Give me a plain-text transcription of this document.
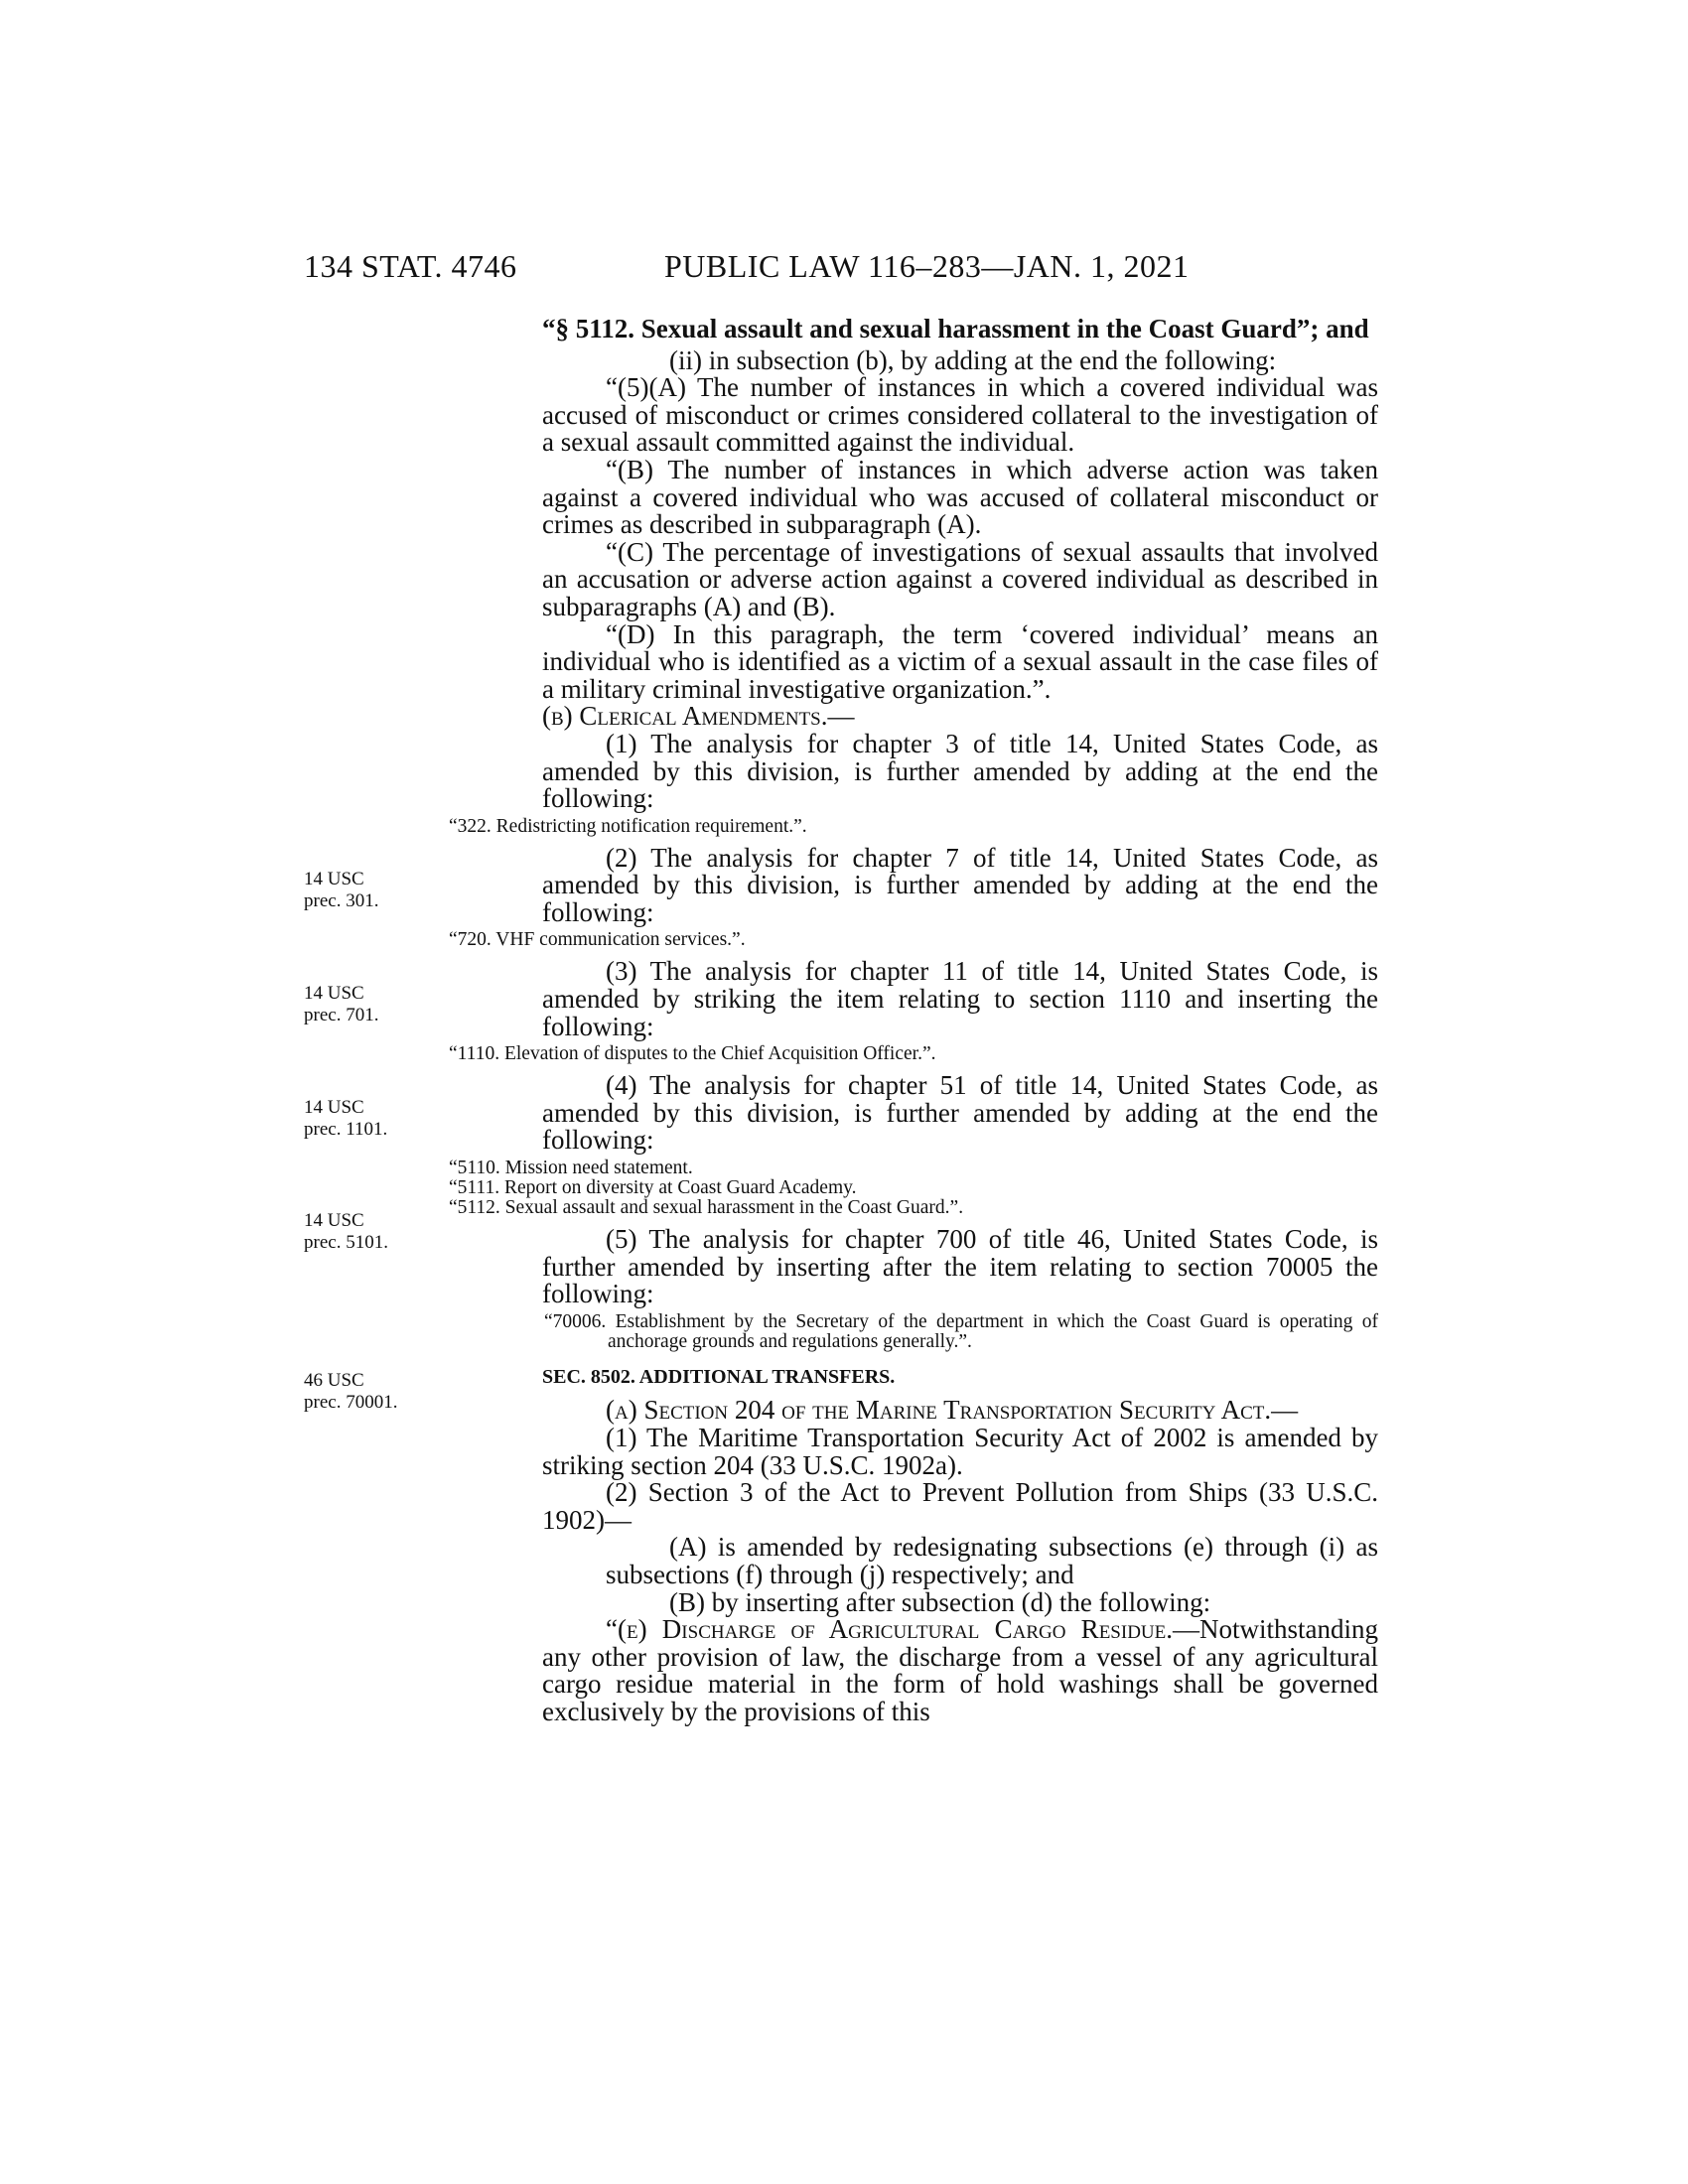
134 STAT. 4746	PUBLIC LAW 116–283—JAN. 1, 2021
14 USC
prec. 301.
14 USC
prec. 701.
14 USC
prec. 1101.
14 USC
prec. 5101.
46 USC
prec. 70001.

“§ 5112. Sexual assault and sexual harassment in the Coast Guard”; and

(ii) in subsection (b), by adding at the end the following:

“(5)(A) The number of instances in which a covered individual was accused of misconduct or crimes considered collateral to the investigation of a sexual assault committed against the individual.

“(B) The number of instances in which adverse action was taken against a covered individual who was accused of collateral misconduct or crimes as described in subparagraph (A).

“(C) The percentage of investigations of sexual assaults that involved an accusation or adverse action against a covered individual as described in subparagraphs (A) and (B).

“(D) In this paragraph, the term ‘covered individual’ means an individual who is identified as a victim of a sexual assault in the case files of a military criminal investigative organization.”.

(b) Clerical Amendments.—

(1) The analysis for chapter 3 of title 14, United States Code, as amended by this division, is further amended by adding at the end the following:

“322. Redistricting notification requirement.”.

(2) The analysis for chapter 7 of title 14, United States Code, as amended by this division, is further amended by adding at the end the following:

“720. VHF communication services.”.

(3) The analysis for chapter 11 of title 14, United States Code, is amended by striking the item relating to section 1110 and inserting the following:

“1110. Elevation of disputes to the Chief Acquisition Officer.”.

(4) The analysis for chapter 51 of title 14, United States Code, as amended by this division, is further amended by adding at the end the following:

“5110. Mission need statement.
“5111. Report on diversity at Coast Guard Academy.
“5112. Sexual assault and sexual harassment in the Coast Guard.”.

(5) The analysis for chapter 700 of title 46, United States Code, is further amended by inserting after the item relating to section 70005 the following:

“70006. Establishment by the Secretary of the department in which the Coast Guard is operating of anchorage grounds and regulations generally.”.

SEC. 8502. ADDITIONAL TRANSFERS.

(a) Section 204 of the Marine Transportation Security Act.—

(1) The Maritime Transportation Security Act of 2002 is amended by striking section 204 (33 U.S.C. 1902a).

(2) Section 3 of the Act to Prevent Pollution from Ships (33 U.S.C. 1902)—

(A) is amended by redesignating subsections (e) through (i) as subsections (f) through (j) respectively; and

(B) by inserting after subsection (d) the following:

“(e) Discharge of Agricultural Cargo Residue.—Notwithstanding any other provision of law, the discharge from a vessel of any agricultural cargo residue material in the form of hold washings shall be governed exclusively by the provisions of this
